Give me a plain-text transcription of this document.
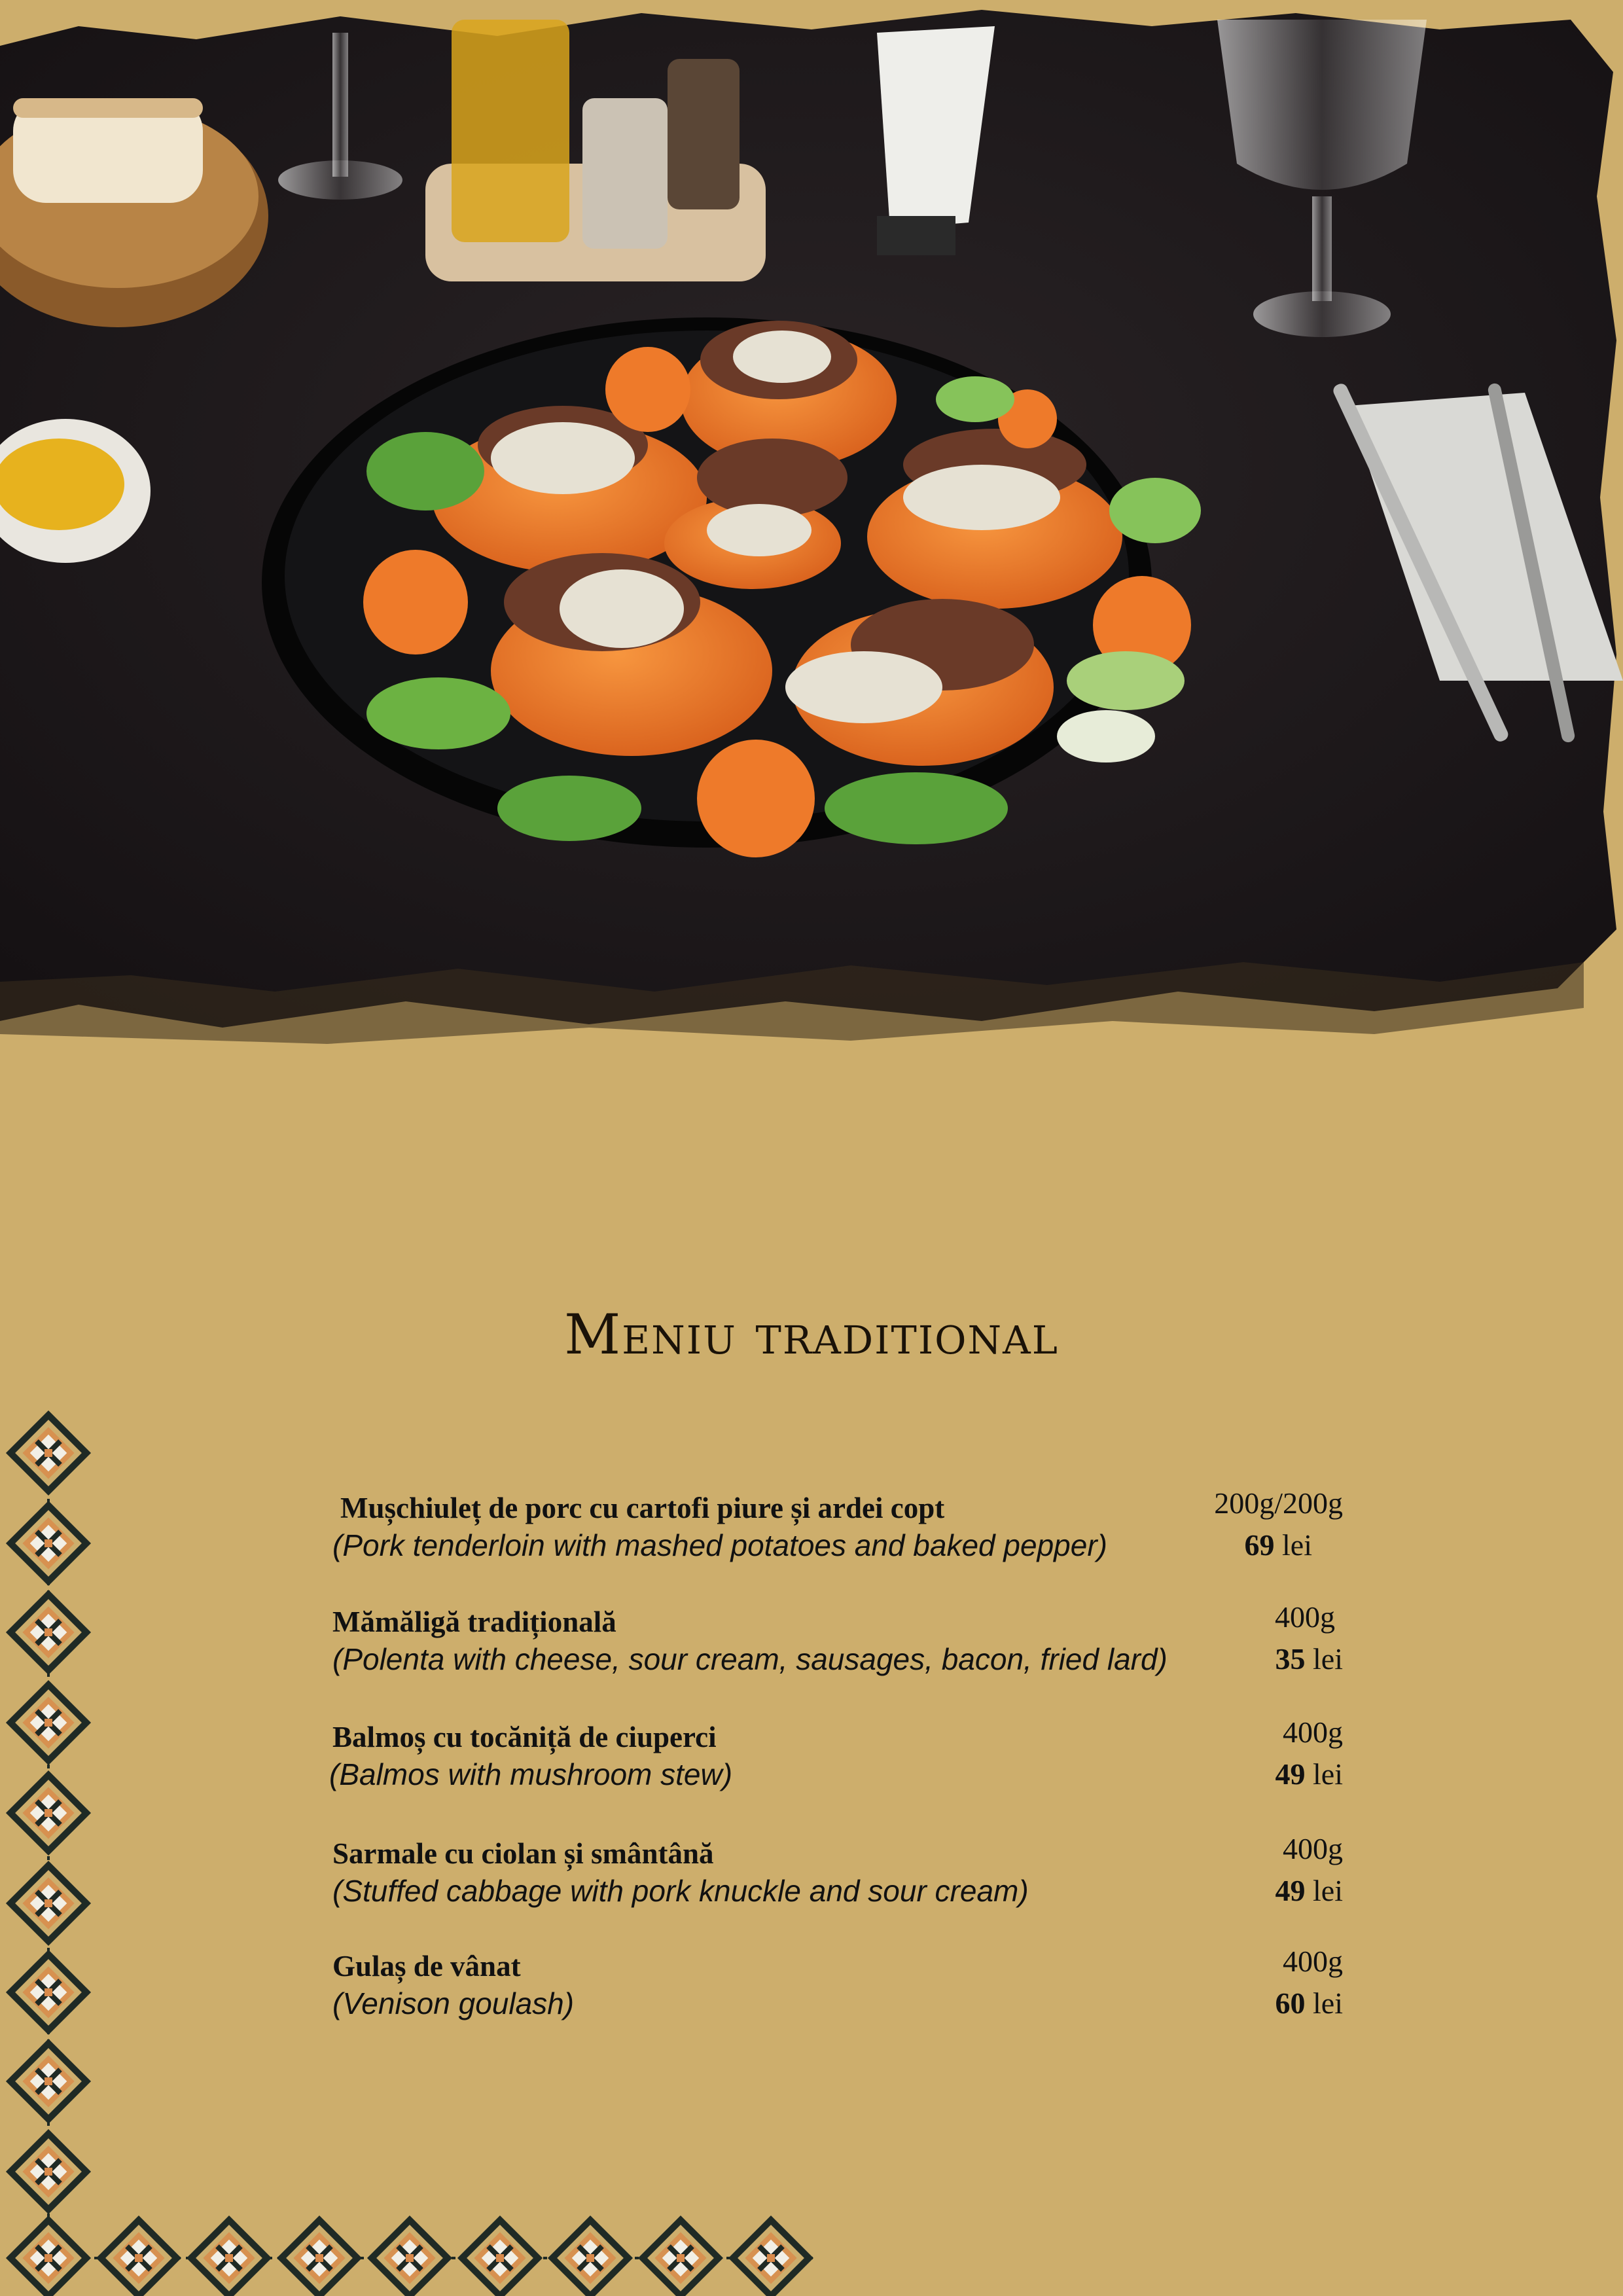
Meniu traditional
Mușchiuleț de porc cu cartofi piure și ardei copt
(Pork tenderloin with mashed potatoes and baked pepper)
200g/200g
69 lei
Mămăligă tradițională
(Polenta with cheese, sour cream, sausages, bacon, fried lard)
400g
35 lei
Balmoș cu tocăniță de ciuperci
(Balmos with mushroom stew)
400g
49 lei
Sarmale cu ciolan și smântână
(Stuffed cabbage with pork knuckle and sour cream)
400g
49 lei
Gulaș de vânat
(Venison goulash)
400g
60 lei
